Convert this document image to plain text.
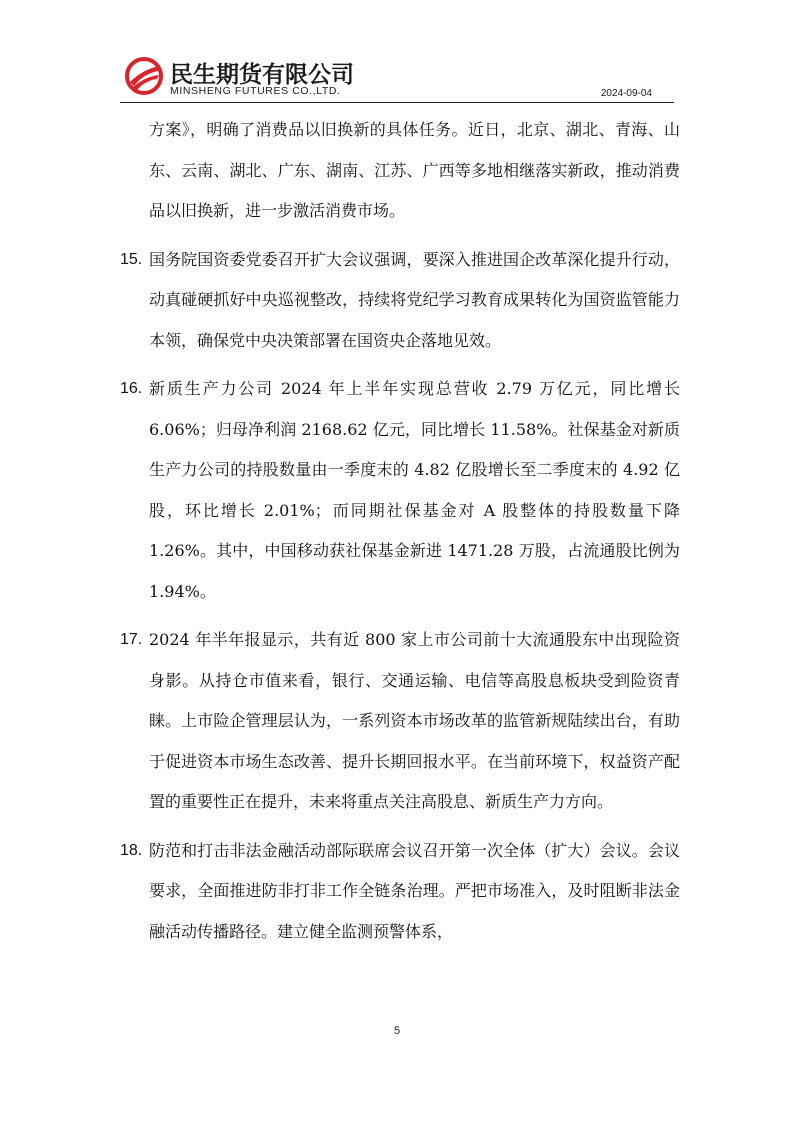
民生期货有限公司
MINSHENG FUTURES CO.,LTD.	2024-09-04

方案》，明确了消费品以旧换新的具体任务。近日，北京、湖北、青海、山东、云南、湖北、广东、湖南、江苏、广西等多地相继落实新政，推动消费品以旧换新，进一步激活消费市场。

15. 国务院国资委党委召开扩大会议强调，要深入推进国企改革深化提升行动，动真碰硬抓好中央巡视整改，持续将党纪学习教育成果转化为国资监管能力本领，确保党中央决策部署在国资央企落地见效。
16. 新质生产力公司 2024 年上半年实现总营收 2.79 万亿元，同比增长 6.06%；归母净利润 2168.62 亿元，同比增长 11.58%。社保基金对新质生产力公司的持股数量由一季度末的 4.82 亿股增长至二季度末的 4.92 亿股，环比增长 2.01%；而同期社保基金对 A 股整体的持股数量下降 1.26%。其中，中国移动获社保基金新进 1471.28 万股，占流通股比例为 1.94%。
17. 2024 年半年报显示，共有近 800 家上市公司前十大流通股东中出现险资身影。从持仓市值来看，银行、交通运输、电信等高股息板块受到险资青睐。上市险企管理层认为，一系列资本市场改革的监管新规陆续出台，有助于促进资本市场生态改善、提升长期回报水平。在当前环境下，权益资产配置的重要性正在提升，未来将重点关注高股息、新质生产力方向。
18. 防范和打击非法金融活动部际联席会议召开第一次全体（扩大）会议。会议要求，全面推进防非打非工作全链条治理。严把市场准入，及时阻断非法金融活动传播路径。建立健全监测预警体系，
5
